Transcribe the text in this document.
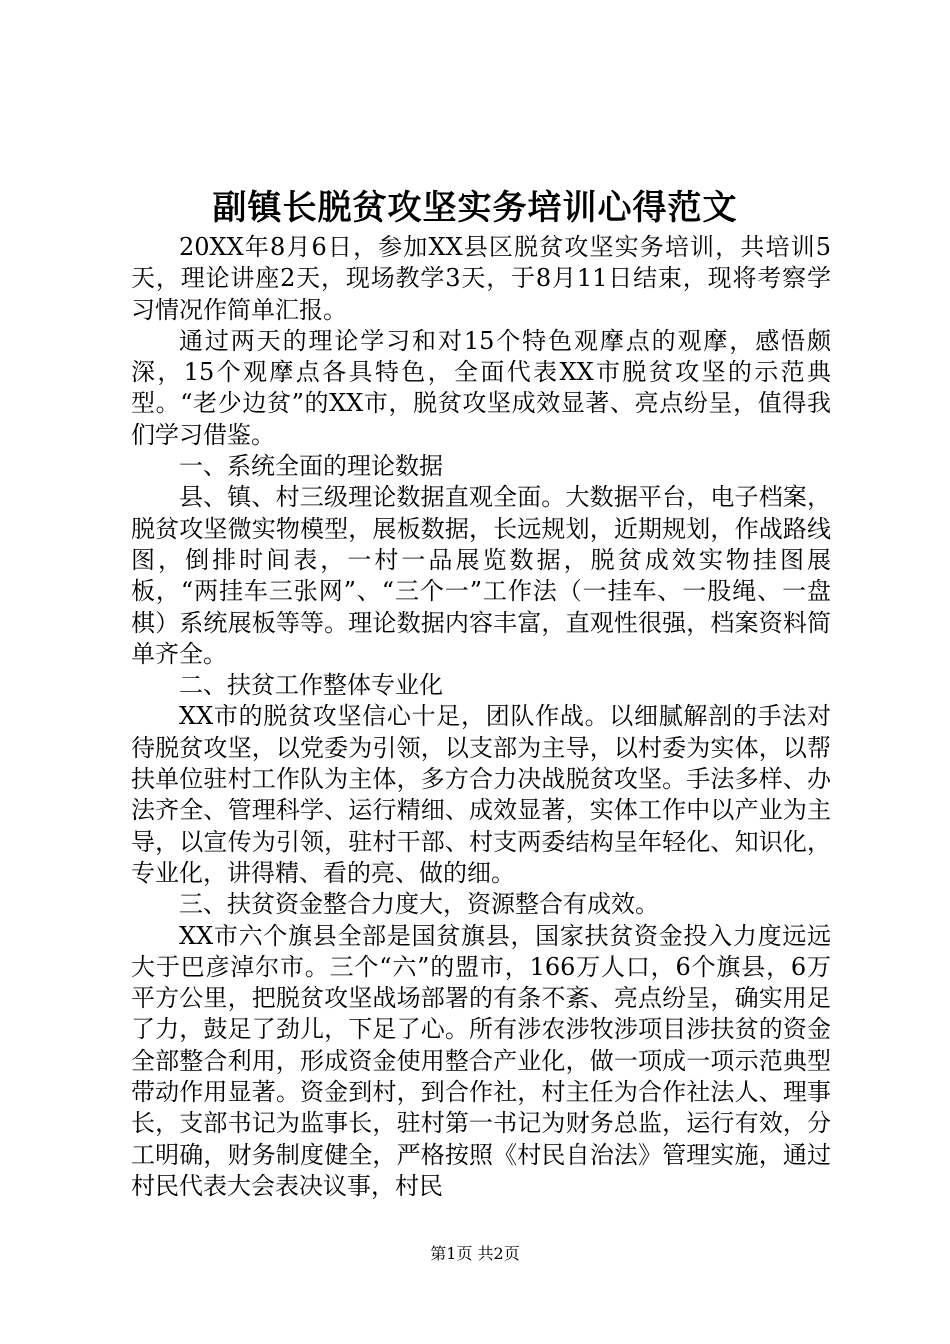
副镇长脱贫攻坚实务培训心得范文

20XX年8月6日，参加XX县区脱贫攻坚实务培训，共培训5天，理论讲座2天，现场教学3天，于8月11日结束，现将考察学习情况作简单汇报。

通过两天的理论学习和对15个特色观摩点的观摩，感悟颇深，15个观摩点各具特色，全面代表XX市脱贫攻坚的示范典型。“老少边贫”的XX市，脱贫攻坚成效显著、亮点纷呈，值得我们学习借鉴。

一、系统全面的理论数据

县、镇、村三级理论数据直观全面。大数据平台，电子档案，脱贫攻坚微实物模型，展板数据，长远规划，近期规划，作战路线图，倒排时间表，一村一品展览数据，脱贫成效实物挂图展板，“两挂车三张网”、“三个一”工作法（一挂车、一股绳、一盘棋）系统展板等等。理论数据内容丰富，直观性很强，档案资料简单齐全。

二、扶贫工作整体专业化

XX市的脱贫攻坚信心十足，团队作战。以细腻解剖的手法对待脱贫攻坚，以党委为引领，以支部为主导，以村委为实体，以帮扶单位驻村工作队为主体，多方合力决战脱贫攻坚。手法多样、办法齐全、管理科学、运行精细、成效显著，实体工作中以产业为主导，以宣传为引领，驻村干部、村支两委结构呈年轻化、知识化，专业化，讲得精、看的亮、做的细。

三、扶贫资金整合力度大，资源整合有成效。

XX市六个旗县全部是国贫旗县，国家扶贫资金投入力度远远大于巴彦淖尔市。三个“六”的盟市，166万人口，6个旗县，6万平方公里，把脱贫攻坚战场部署的有条不紊、亮点纷呈，确实用足了力，鼓足了劲儿，下足了心。所有涉农涉牧涉项目涉扶贫的资金全部整合利用，形成资金使用整合产业化，做一项成一项示范典型带动作用显著。资金到村，到合作社，村主任为合作社法人、理事长，支部书记为监事长，驻村第一书记为财务总监，运行有效，分工明确，财务制度健全，严格按照《村民自治法》管理实施，通过村民代表大会表决议事，村民

第1页 共2页
